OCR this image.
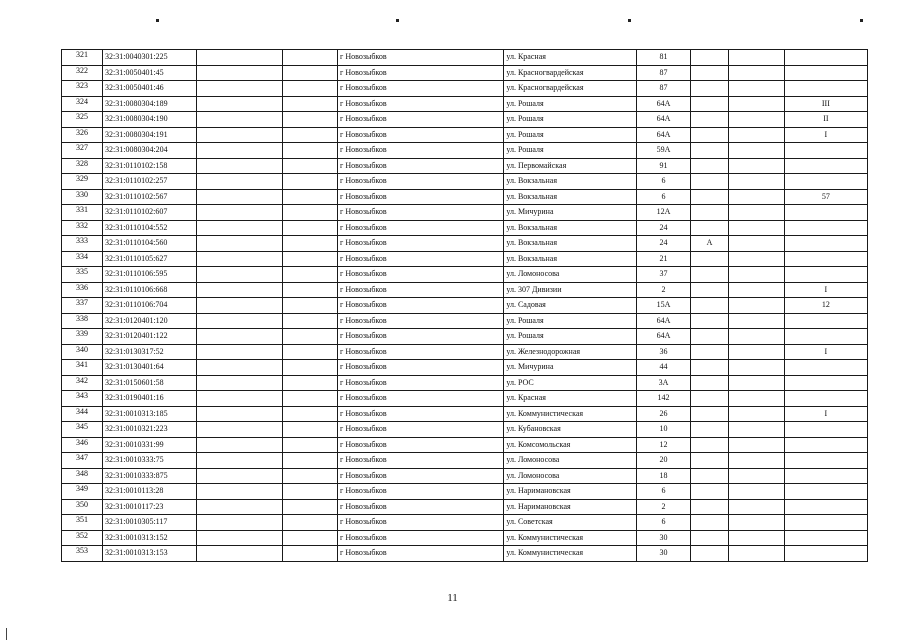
321	32:31:0040301:225			г Новозыбков	ул. Красная	81			
322	32:31:0050401:45			г Новозыбков	ул. Красногвардейская	87			
323	32:31:0050401:46			г Новозыбков	ул. Красногвардейская	87			
324	32:31:0080304:189			г Новозыбков	ул. Рошаля	64А			III
325	32:31:0080304:190			г Новозыбков	ул. Рошаля	64А			II
326	32:31:0080304:191			г Новозыбков	ул. Рошаля	64А			I
327	32:31:0080304:204			г Новозыбков	ул. Рошаля	59А			
328	32:31:0110102:158			г Новозыбков	ул. Первомайская	91			
329	32:31:0110102:257			г Новозыбков	ул. Вокзальная	6			
330	32:31:0110102:567			г Новозыбков	ул. Вокзальная	6			57
331	32:31:0110102:607			г Новозыбков	ул. Мичурина	12А			
332	32:31:0110104:552			г Новозыбков	ул. Вокзальная	24			
333	32:31:0110104:560			г Новозыбков	ул. Вокзальная	24	А		
334	32:31:0110105:627			г Новозыбков	ул. Вокзальная	21			
335	32:31:0110106:595			г Новозыбков	ул. Ломоносова	37			
336	32:31:0110106:668			г Новозыбков	ул. 307 Дивизии	2			I
337	32:31:0110106:704			г Новозыбков	ул. Садовая	15А			12
338	32:31:0120401:120			г Новозыбков	ул. Рошаля	64А			
339	32:31:0120401:122			г Новозыбков	ул. Рошаля	64А			
340	32:31:0130317:52			г Новозыбков	ул. Железнодорожная	36			I
341	32:31:0130401:64			г Новозыбков	ул. Мичурина	44			
342	32:31:0150601:58			г Новозыбков	ул. РОС	3А			
343	32:31:0190401:16			г Новозыбков	ул. Красная	142			
344	32:31:0010313:185			г Новозыбков	ул. Коммунистическая	26			I
345	32:31:0010321:223			г Новозыбков	ул. Кубановская	10			
346	32:31:0010331:99			г Новозыбков	ул. Комсомольская	12			
347	32:31:0010333:75			г Новозыбков	ул. Ломоносова	20			
348	32:31:0010333:875			г Новозыбков	ул. Ломоносова	18			
349	32:31:0010113:28			г Новозыбков	ул. Наримановская	6			
350	32:31:0010117:23			г Новозыбков	ул. Наримановская	2			
351	32:31:0010305:117			г Новозыбков	ул. Советская	6			
352	32:31:0010313:152			г Новозыбков	ул. Коммунистическая	30			
353	32:31:0010313:153			г Новозыбков	ул. Коммунистическая	30			
11
